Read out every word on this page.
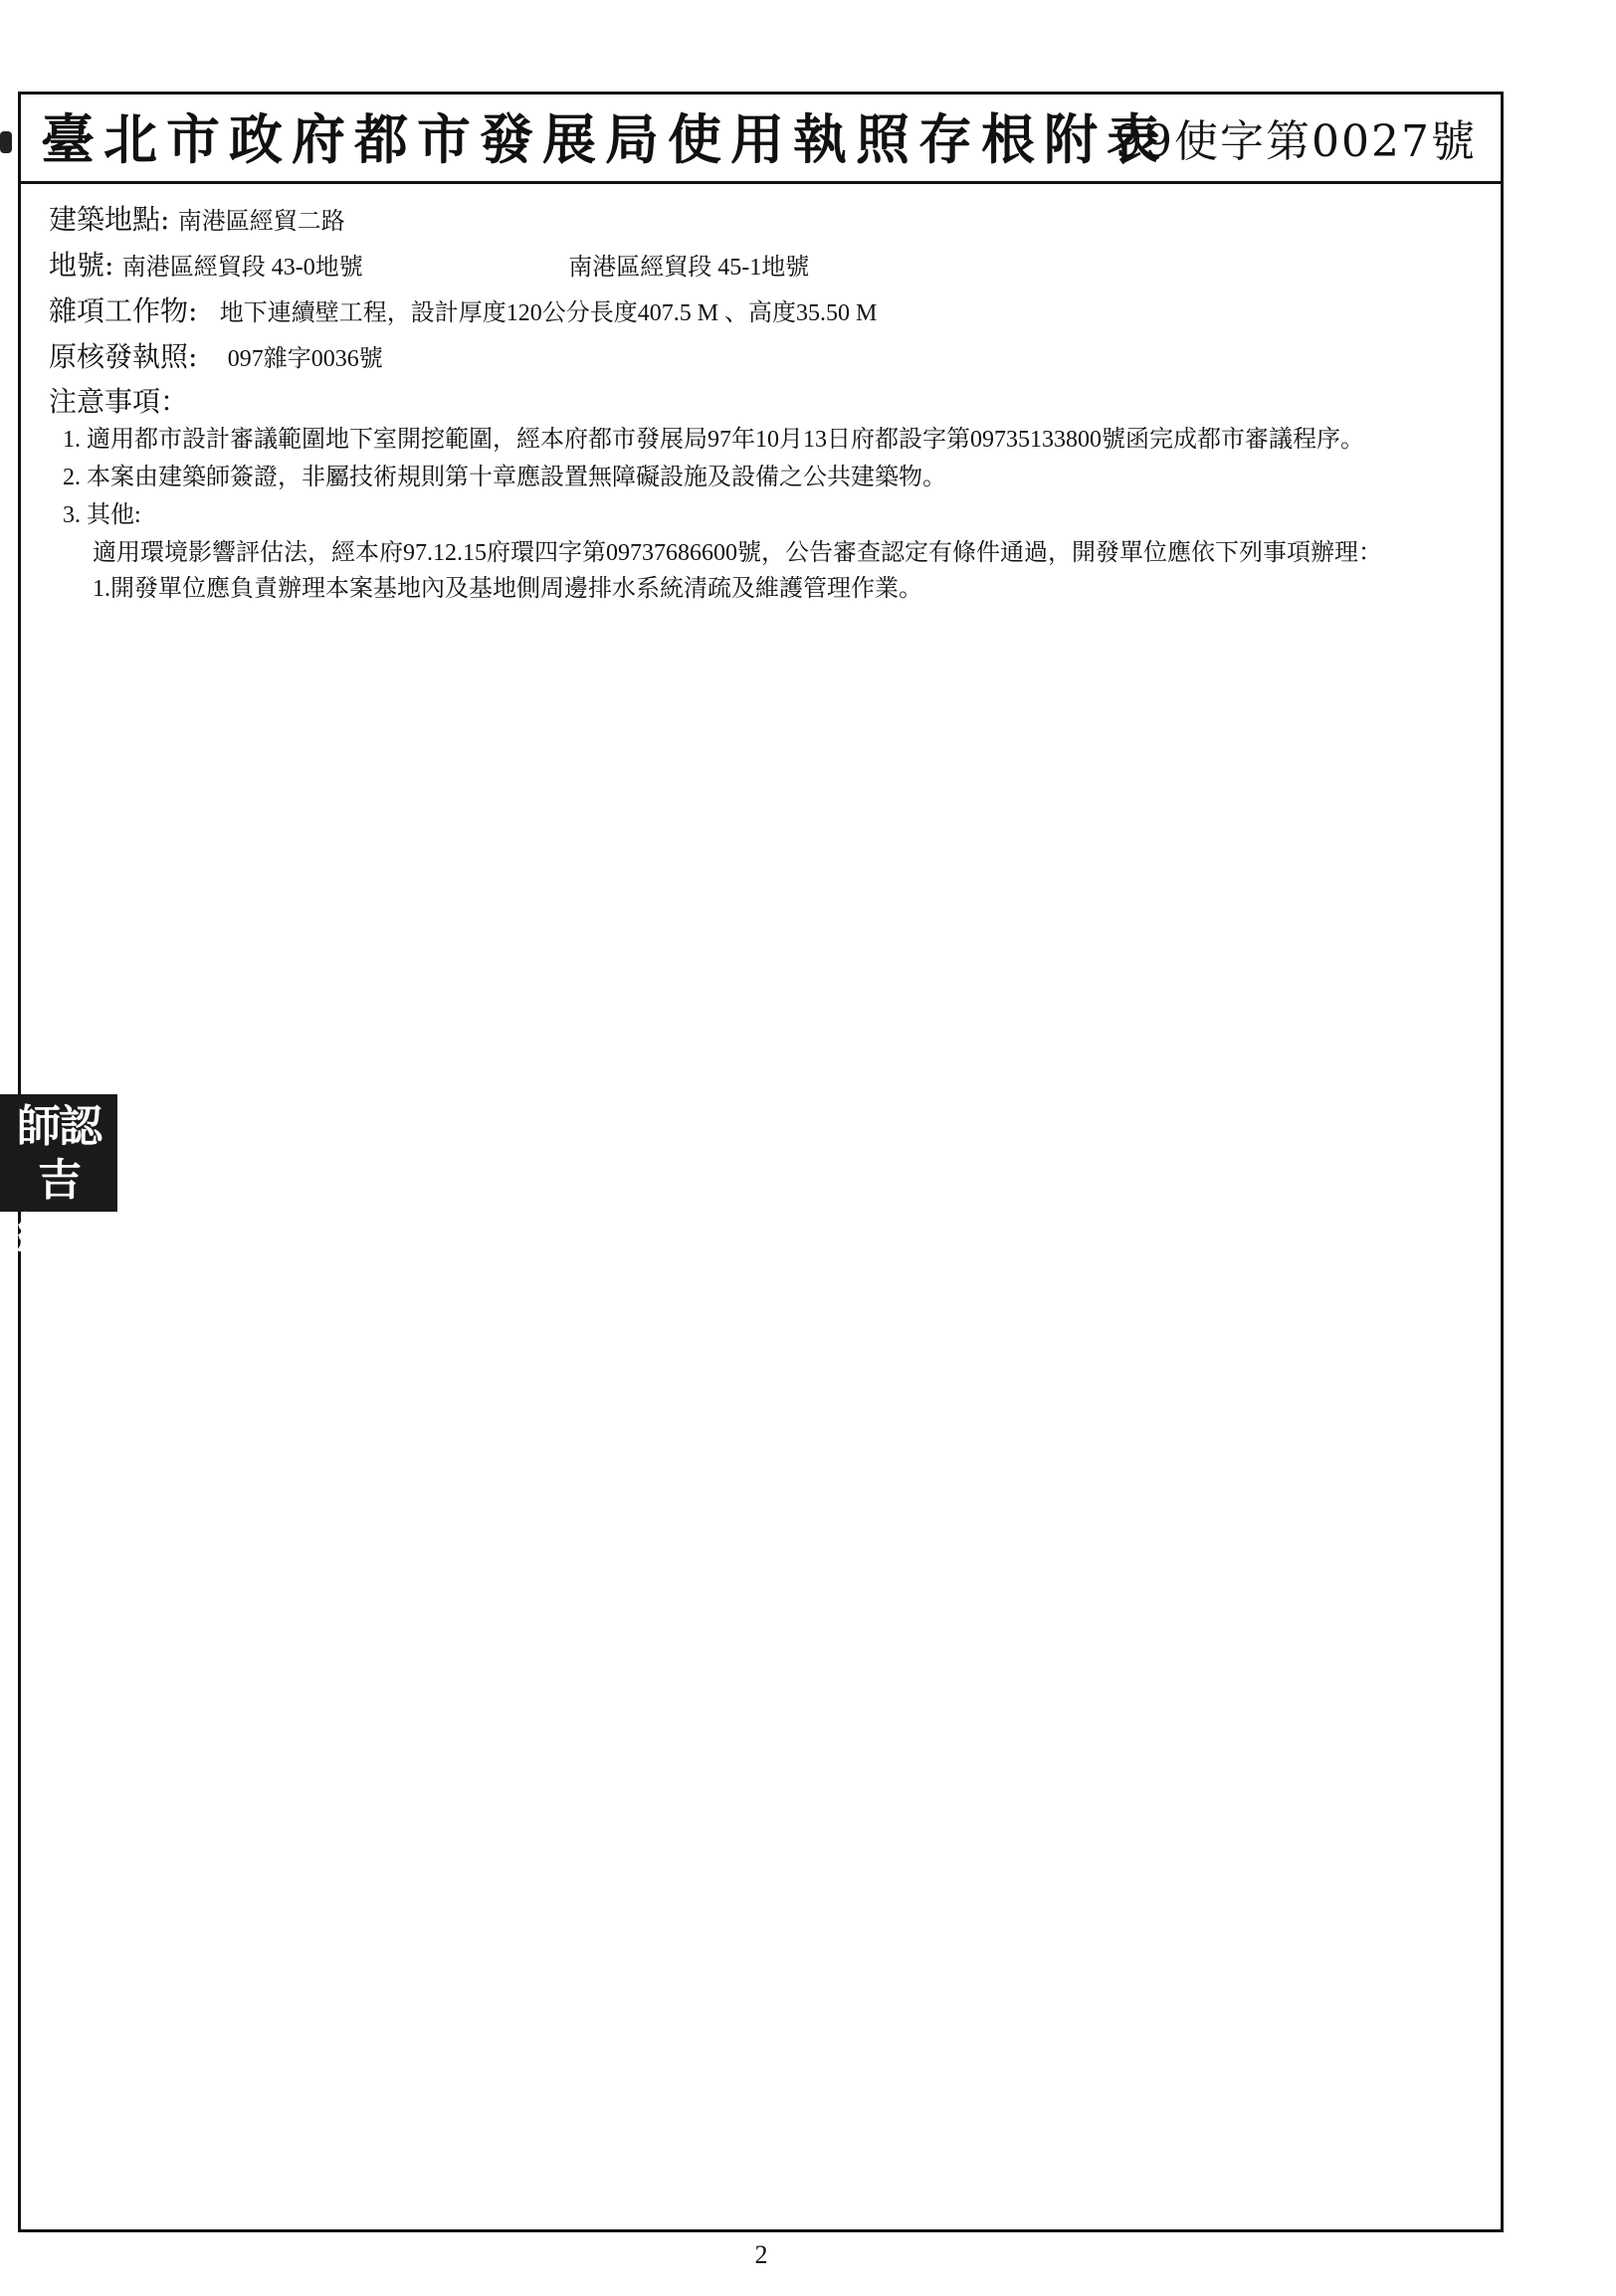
臺北市政府都市發展局使用執照存根附表
99使字第0027號
建築地點: 南港區經貿二路
地號: 南港區經貿段 43-0地號	南港區經貿段 45-1地號
雜項工作物: 地下連續壁工程，設計厚度120公分長度407.5 M 、高度35.50 M
原核發執照: 097雜字0036號
注意事項：
1. 適用都市設計審議範圍地下室開挖範圍，經本府都市發展局97年10月13日府都設字第09735133800號函完成都市審議程序。
2. 本案由建築師簽證，非屬技術規則第十章應設置無障礙設施及設備之公共建築物。
3. 其他:
適用環境影響評估法，經本府97.12.15府環四字第09737686600號，公告審查認定有條件通過，開發單位應依下列事項辦理：
1.開發單位應負責辦理本案基地內及基地側周邊排水系統清疏及維護管理作業。
師認吉
繩止騫
2
